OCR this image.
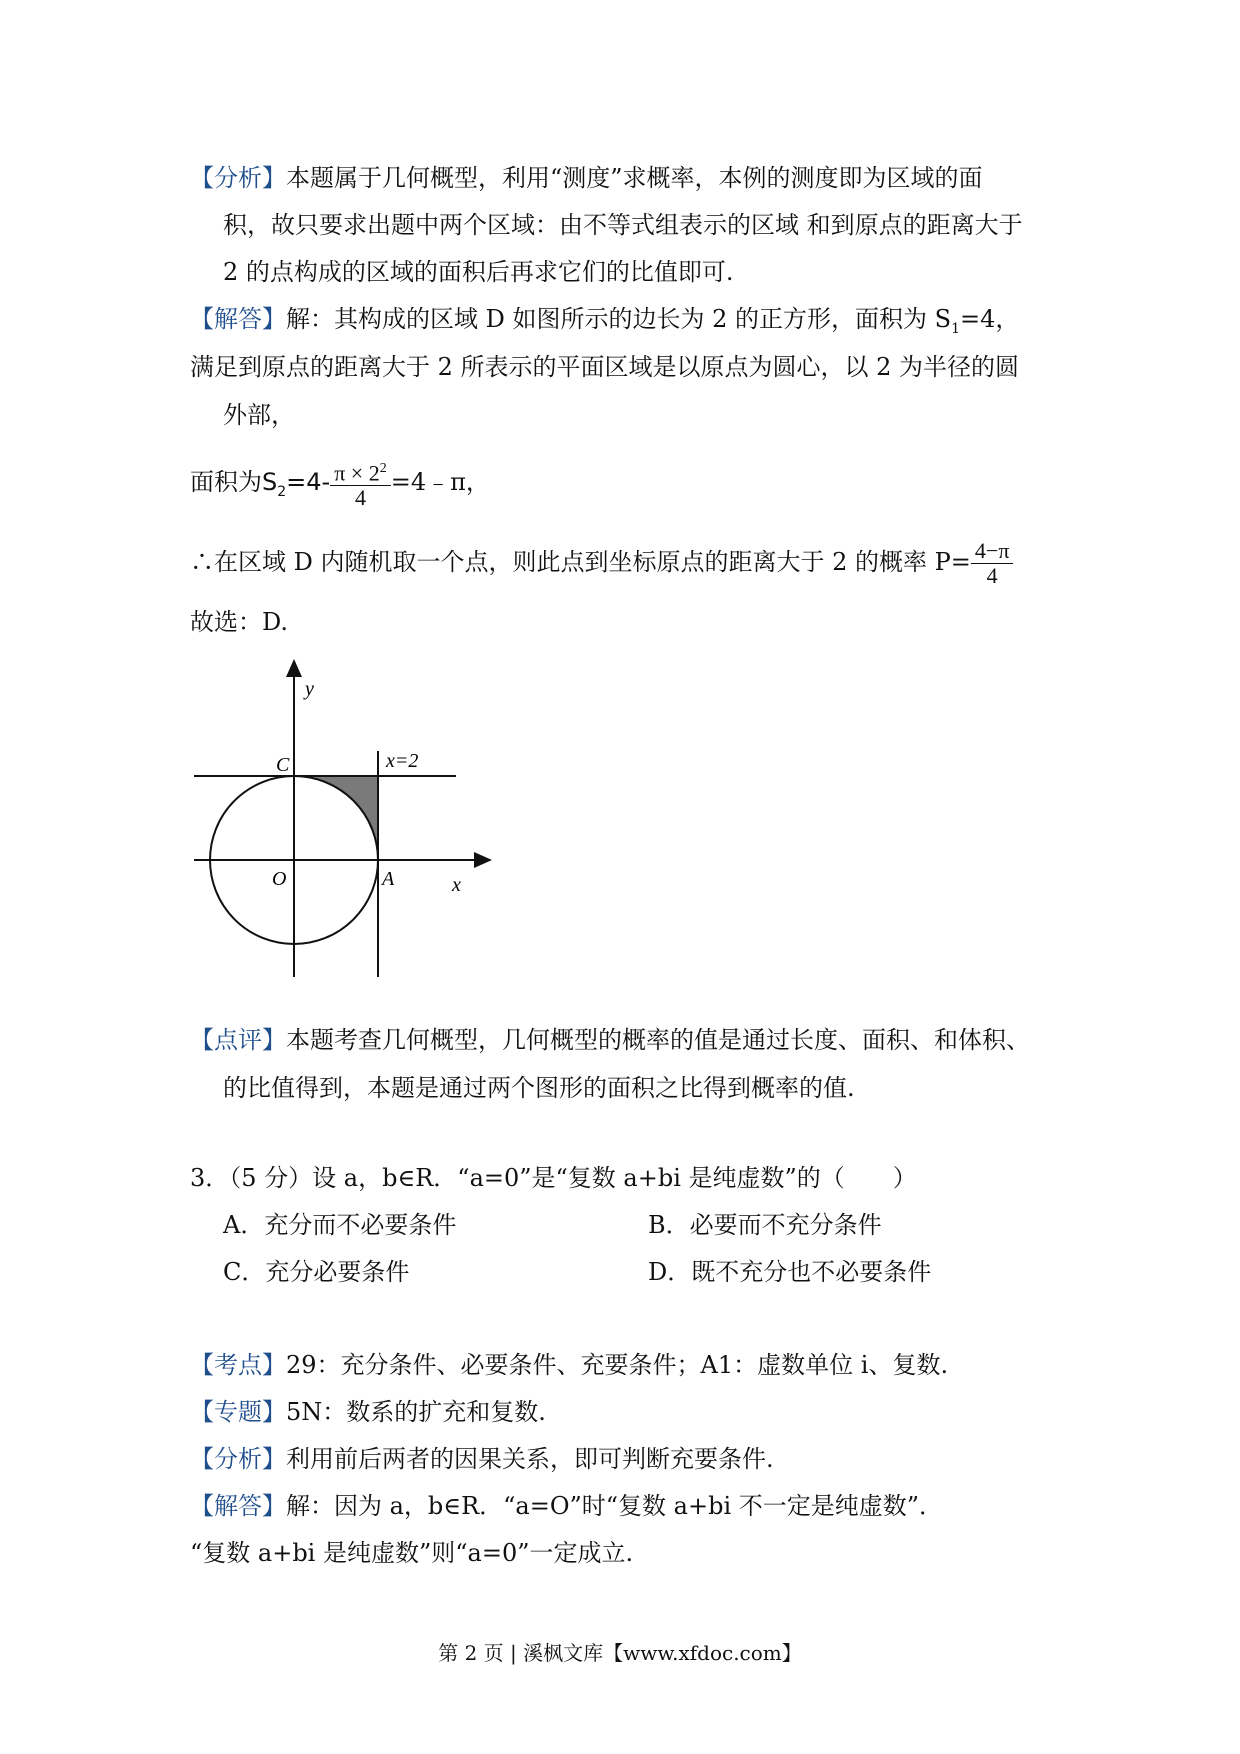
【分析】本题属于几何概型，利用“测度”求概率，本例的测度即为区域的面
积，故只要求出题中两个区域：由不等式组表示的区域 和到原点的距离大于
2 的点构成的区域的面积后再求它们的比值即可.
【解答】解：其构成的区域 D 如图所示的边长为 2 的正方形，面积为 $S_1=4$，
满足到原点的距离大于 2 所表示的平面区域是以原点为圆心，以 2 为半径的圆
外部，
面积为$S_2=4- \frac{\pi \times 2^2}{4}$ =4﹣π，
∴在区域 D 内随机取一个点，则此点到坐标原点的距离大于 2 的概率 $P= \frac{4-\pi}{4}$
故选：D.
y
x=2
C
O	A	x
【点评】本题考查几何概型，几何概型的概率的值是通过长度、面积、和体积、
的比值得到，本题是通过两个图形的面积之比得到概率的值.
3．（5 分）设 a，b∈R．“a=0”是“复数 a+bi 是纯虚数”的（　　）
A．充分而不必要条件	B．必要而不充分条件
C．充分必要条件	D．既不充分也不必要条件
【考点】29：充分条件、必要条件、充要条件；A1：虚数单位 i、复数.
【专题】5N：数系的扩充和复数.
【分析】利用前后两者的因果关系，即可判断充要条件.
【解答】解：因为 a，b∈R．“a=O”时“复数 a+bi 不一定是纯虚数”．
“复数 a+bi 是纯虚数”则“a=0”一定成立.
第 2 页 | 溪枫文库【www.xfdoc.com】
